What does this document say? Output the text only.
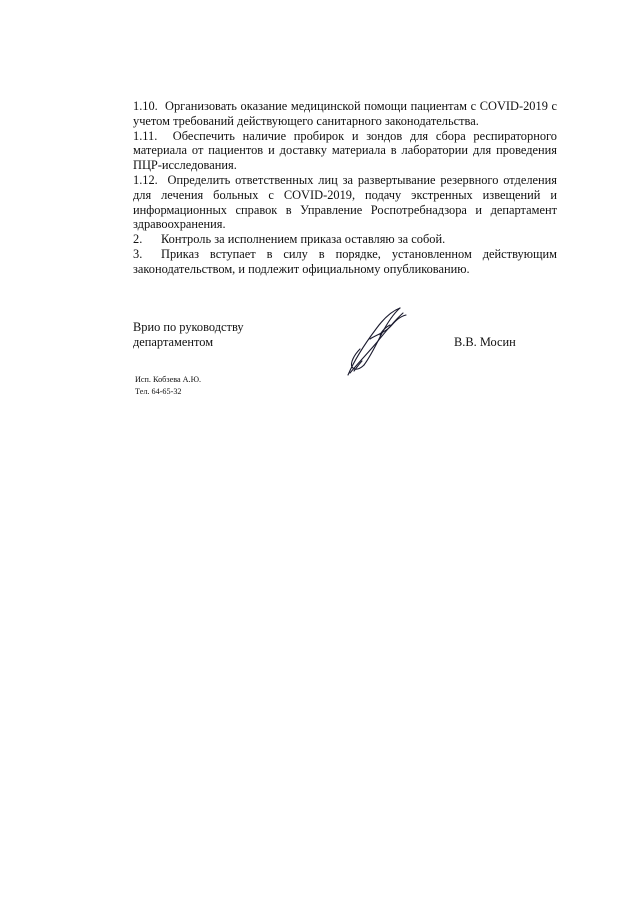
1.10. Организовать оказание медицинской помощи пациентам с COVID-2019 с учетом требований действующего санитарного законодательства.

1.11. Обеспечить наличие пробирок и зондов для сбора респираторного материала от пациентов и доставку материала в лаборатории для проведения ПЦР-исследования.

1.12. Определить ответственных лиц за развертывание резервного отделения для лечения больных с COVID-2019, подачу экстренных извещений и информационных справок в Управление Роспотребнадзора и департамент здравоохранения.

2. Контроль за исполнением приказа оставляю за собой.

3. Приказ вступает в силу в порядке, установленном действующим законодательством, и подлежит официальному опубликованию.

Врио по руководству
департаментом	В.В. Мосин
Исп. Кобзева А.Ю.
Тел. 64-65-32
